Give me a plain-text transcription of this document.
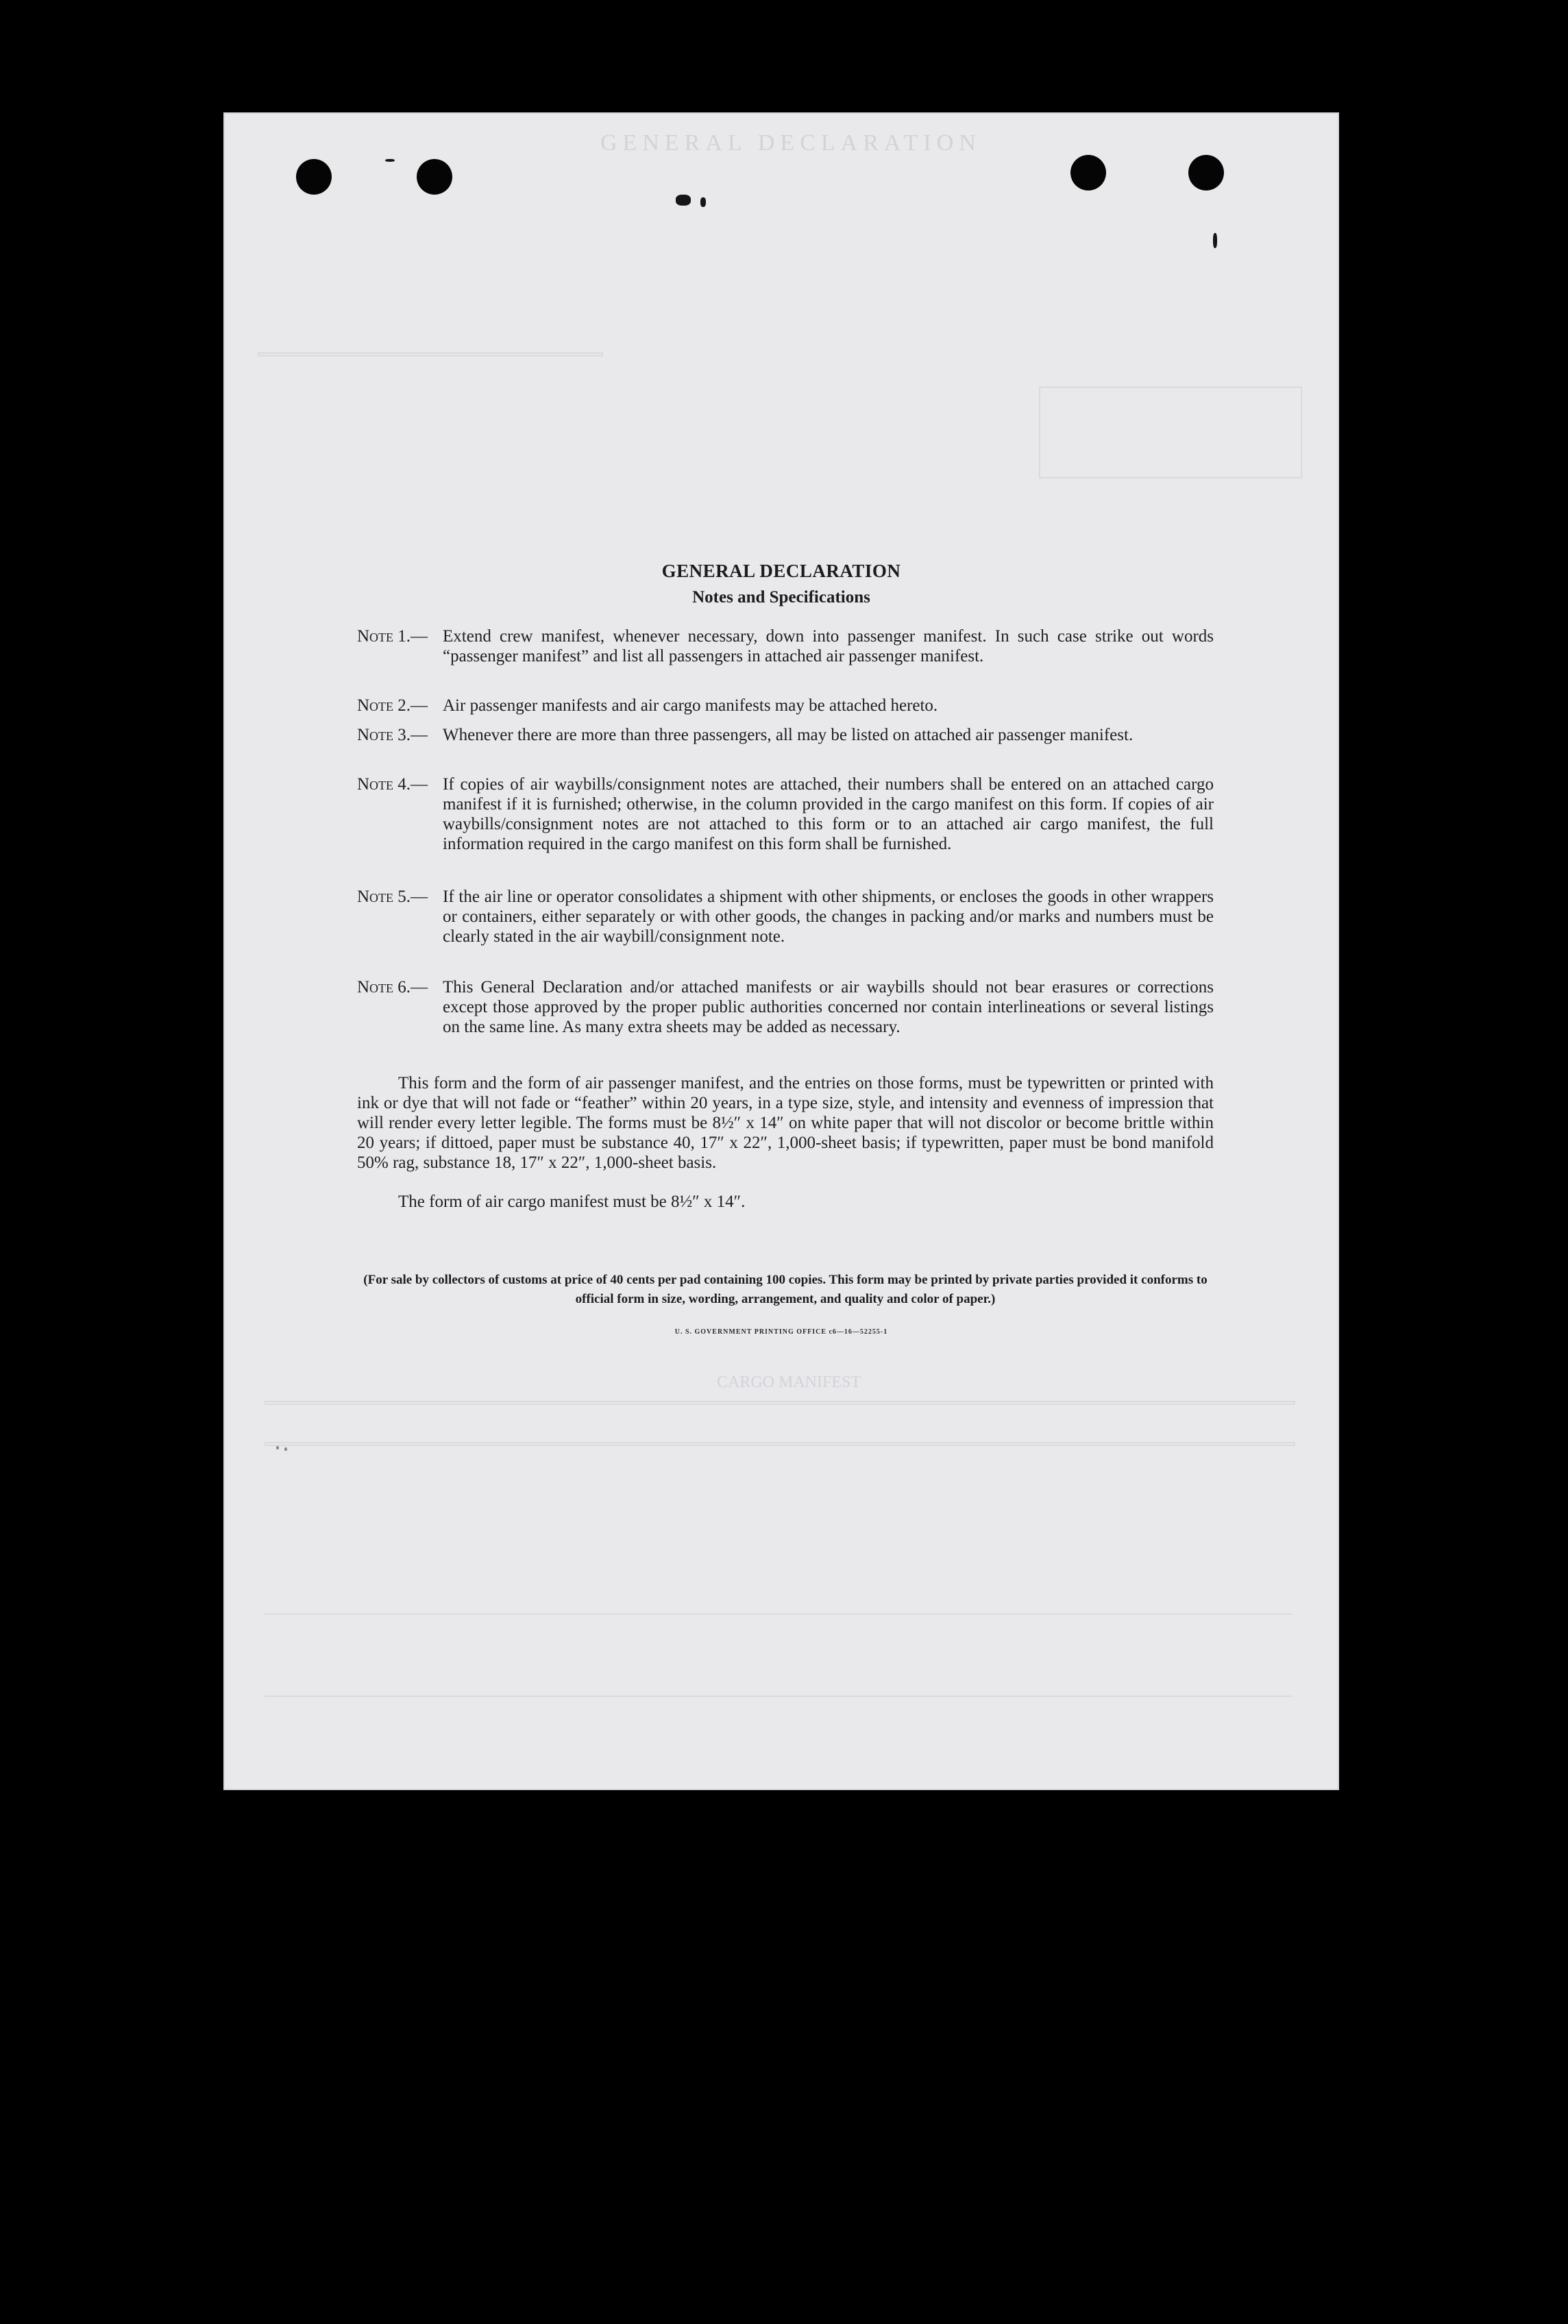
GENERAL DECLARATION
CARGO MANIFEST
GENERAL DECLARATION
Notes and Specifications
Note 1.— Extend crew manifest, whenever necessary, down into passenger manifest. In such case strike out words “passenger manifest” and list all passengers in attached air passenger manifest.
Note 2.— Air passenger manifests and air cargo manifests may be attached hereto.
Note 3.— Whenever there are more than three passengers, all may be listed on attached air passenger manifest.
Note 4.— If copies of air waybills/consignment notes are attached, their numbers shall be entered on an attached cargo manifest if it is furnished; otherwise, in the column provided in the cargo manifest on this form. If copies of air waybills/consignment notes are not attached to this form or to an attached air cargo manifest, the full information required in the cargo manifest on this form shall be furnished.
Note 5.— If the air line or operator consolidates a shipment with other shipments, or encloses the goods in other wrappers or containers, either separately or with other goods, the changes in packing and/or marks and numbers must be clearly stated in the air waybill/consignment note.
Note 6.— This General Declaration and/or attached manifests or air waybills should not bear erasures or corrections except those approved by the proper public authorities concerned nor contain interlineations or several listings on the same line. As many extra sheets may be added as necessary.
This form and the form of air passenger manifest, and the entries on those forms, must be typewritten or printed with ink or dye that will not fade or “feather” within 20 years, in a type size, style, and intensity and evenness of impression that will render every letter legible. The forms must be 8½″ x 14″ on white paper that will not discolor or become brittle within 20 years; if dittoed, paper must be substance 40, 17″ x 22″, 1,000-sheet basis; if typewritten, paper must be bond manifold 50% rag, substance 18, 17″ x 22″, 1,000-sheet basis.
The form of air cargo manifest must be 8½″ x 14″.
(For sale by collectors of customs at price of 40 cents per pad containing 100 copies. This form may be printed by private parties provided it conforms to official form in size, wording, arrangement, and quality and color of paper.)
U. S. GOVERNMENT PRINTING OFFICE c6—16—52255-1
